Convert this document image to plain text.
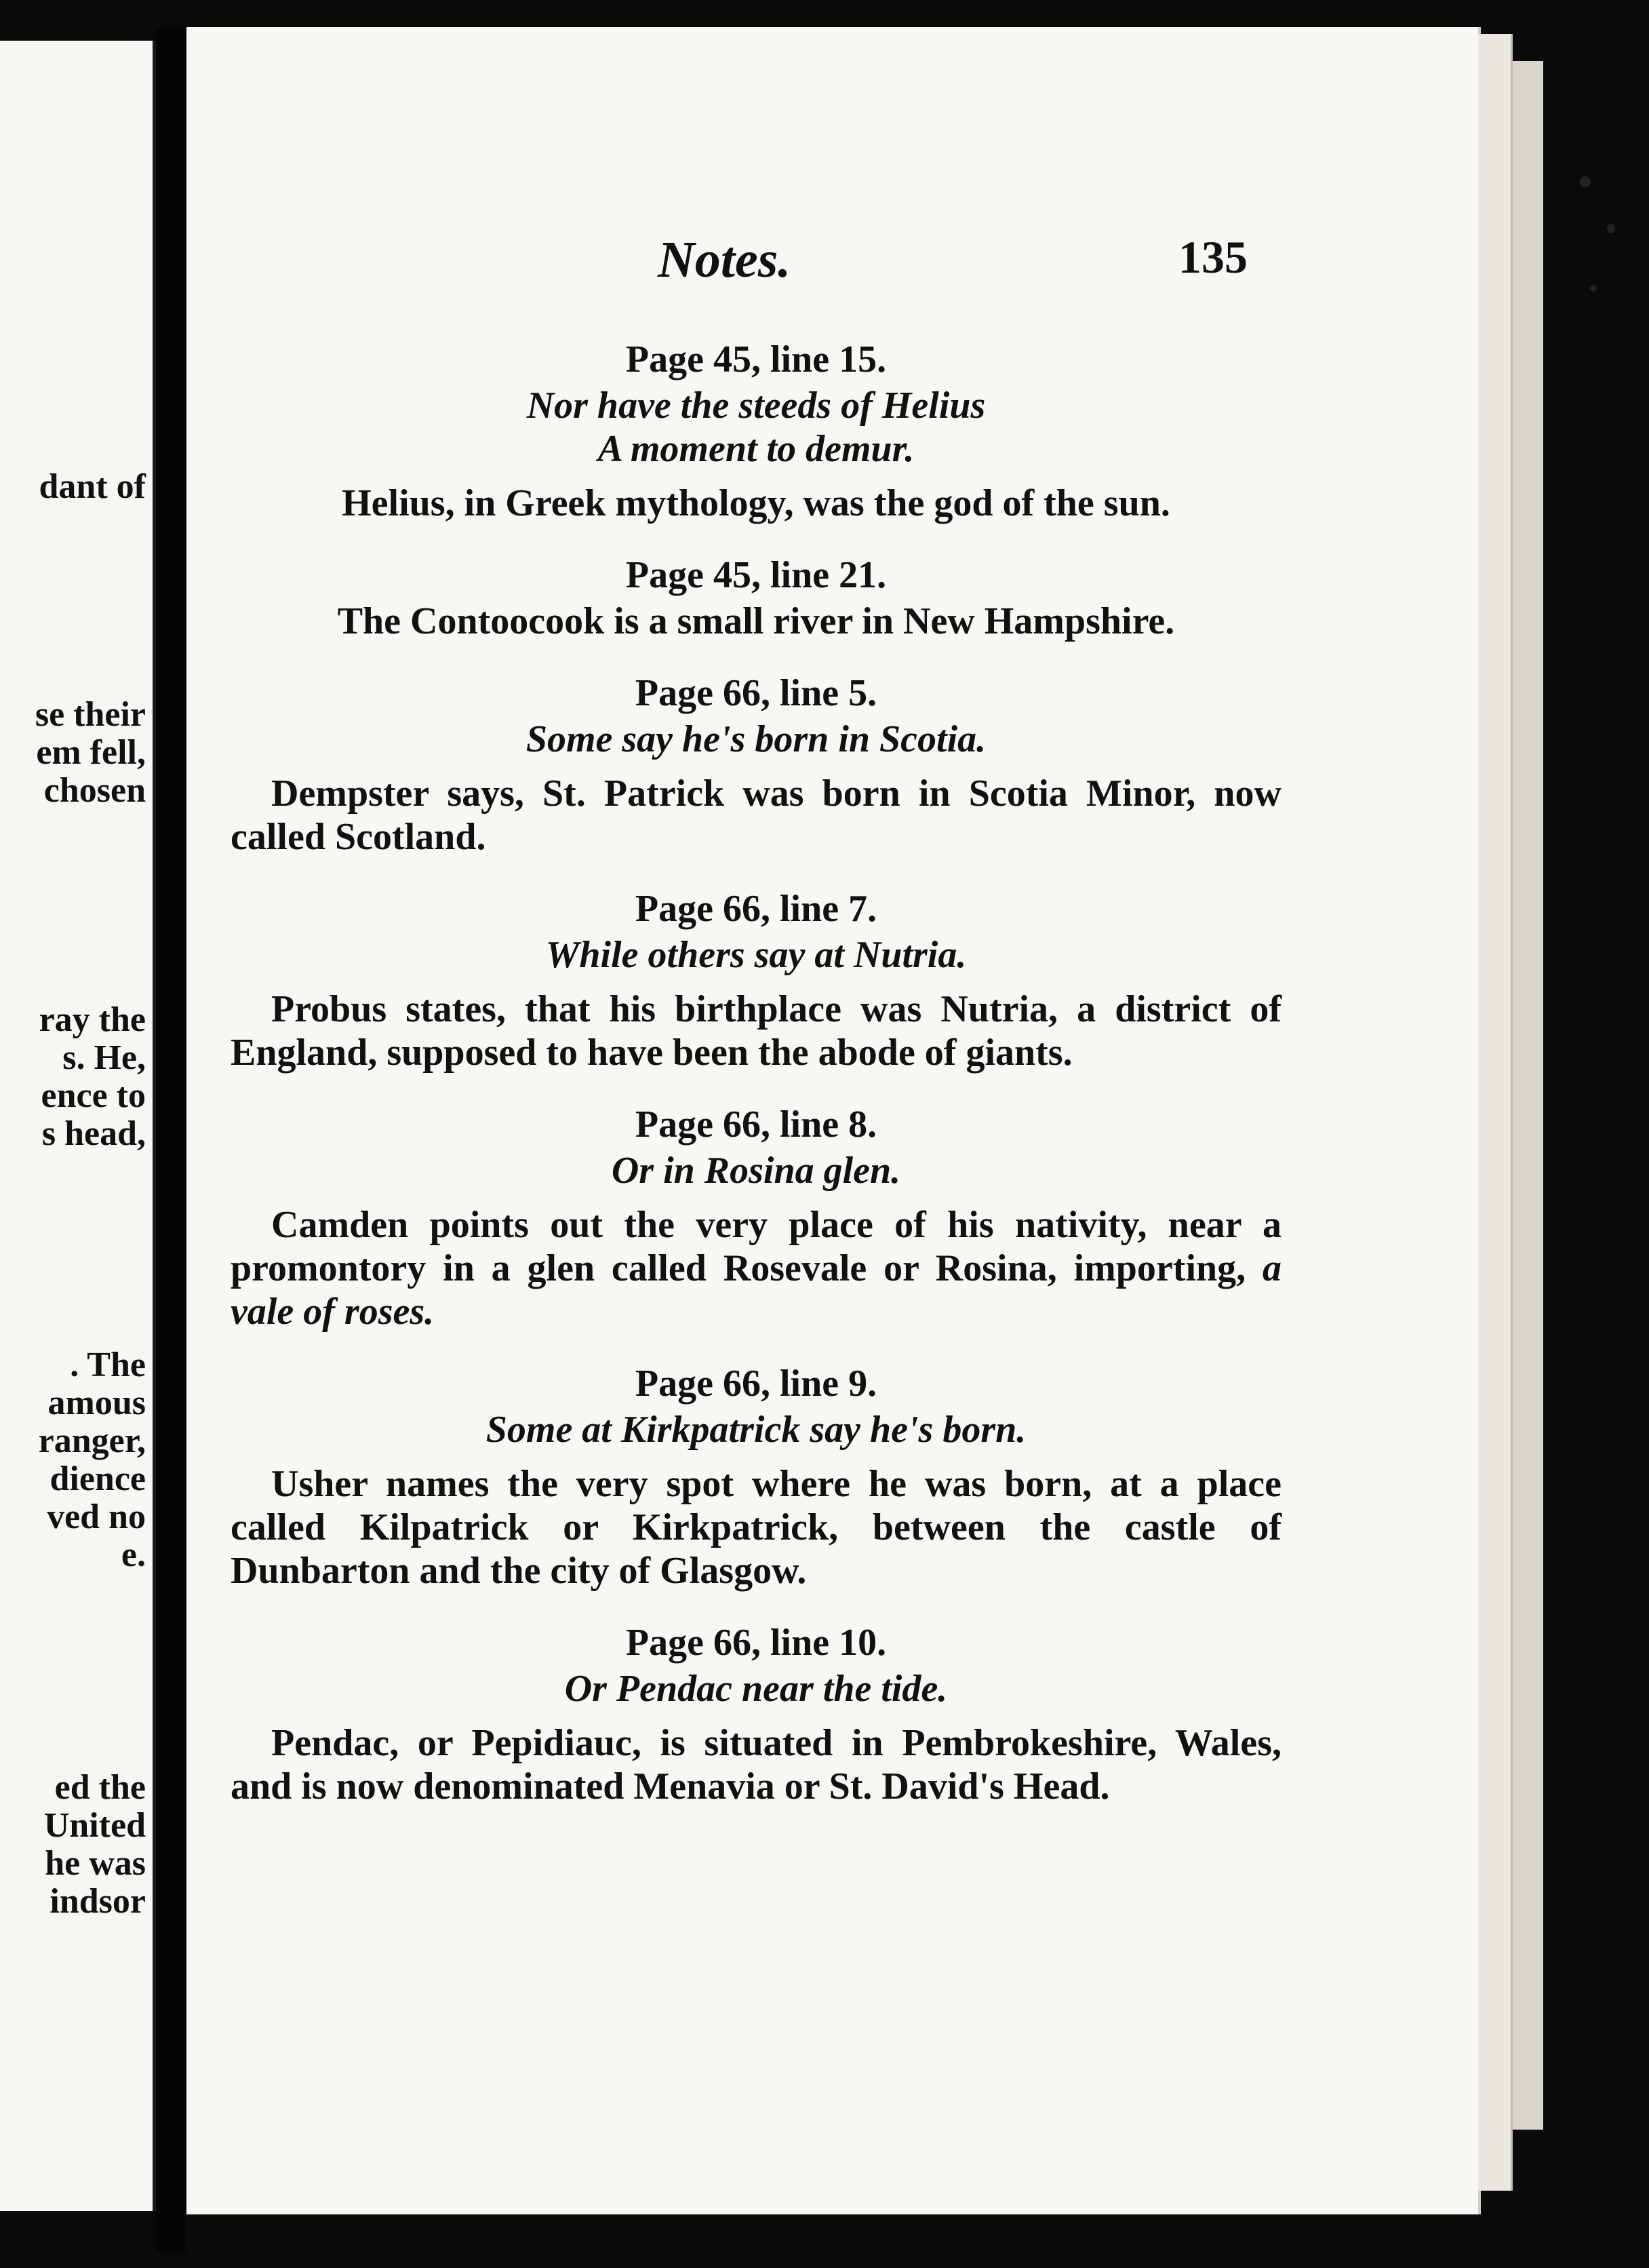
dant of
se their
em fell,
chosen
ray the
s. He,
ence to
s head,
. The
amous
ranger,
dience
ved no
e.
ed the
United
he was
indsor
Notes.	135

Page 45, line 15.

Nor have the steeds of Helius

A moment to demur.

Helius, in Greek mythology, was the god of the sun.

Page 45, line 21.

The Contoocook is a small river in New Hampshire.

Page 66, line 5.

Some say he's born in Scotia.

Dempster says, St. Patrick was born in Scotia Minor, now called Scotland.

Page 66, line 7.

While others say at Nutria.

Probus states, that his birthplace was Nutria, a district of England, supposed to have been the abode of giants.

Page 66, line 8.

Or in Rosina glen.

Camden points out the very place of his nativity, near a promontory in a glen called Rosevale or Rosina, importing, a vale of roses.

Page 66, line 9.

Some at Kirkpatrick say he's born.

Usher names the very spot where he was born, at a place called Kilpatrick or Kirkpatrick, between the castle of Dunbarton and the city of Glasgow.

Page 66, line 10.

Or Pendac near the tide.

Pendac, or Pepidiauc, is situated in Pembrokeshire, Wales, and is now denominated Menavia or St. David's Head.
